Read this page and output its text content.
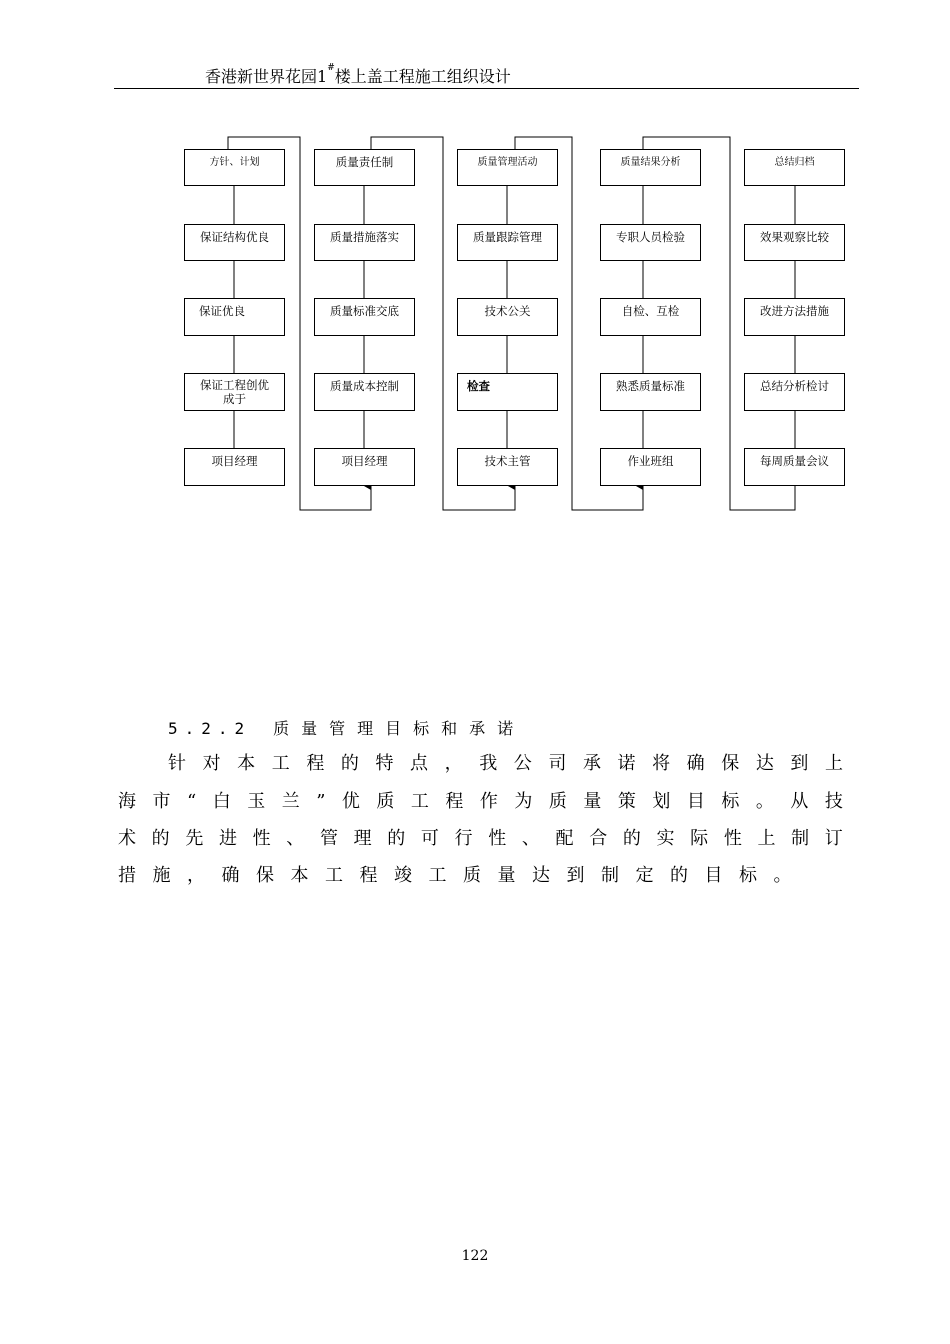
香港新世界花园1#楼上盖工程施工组织设计
方针、计划
保证结构优良
保证优良
保证工程创优成于
项目经理
质量责任制
质量措施落实
质量标准交底
质量成本控制
项目经理
质量管理活动
质量跟踪管理
技术公关
检查
技术主管
质量结果分析
专职人员检验
自检、互检
熟悉质量标准
作业班组
总结归档
效果观察比较
改进方法措施
总结分析检讨
每周质量会议
5.2.2 质量管理目标和承诺
针 对 本 工 程 的 特 点 ， 我 公 司 承 诺 将 确 保 达 到 上
海 市 “ 白 玉 兰 ” 优 质 工 程 作 为 质 量 策 划 目 标 。 从 技
术 的 先 进 性 、 管 理 的 可 行 性 、 配 合 的 实 际 性 上 制 订
措 施 ， 确 保 本 工 程 竣 工 质 量 达 到 制 定 的 目 标 。
122
